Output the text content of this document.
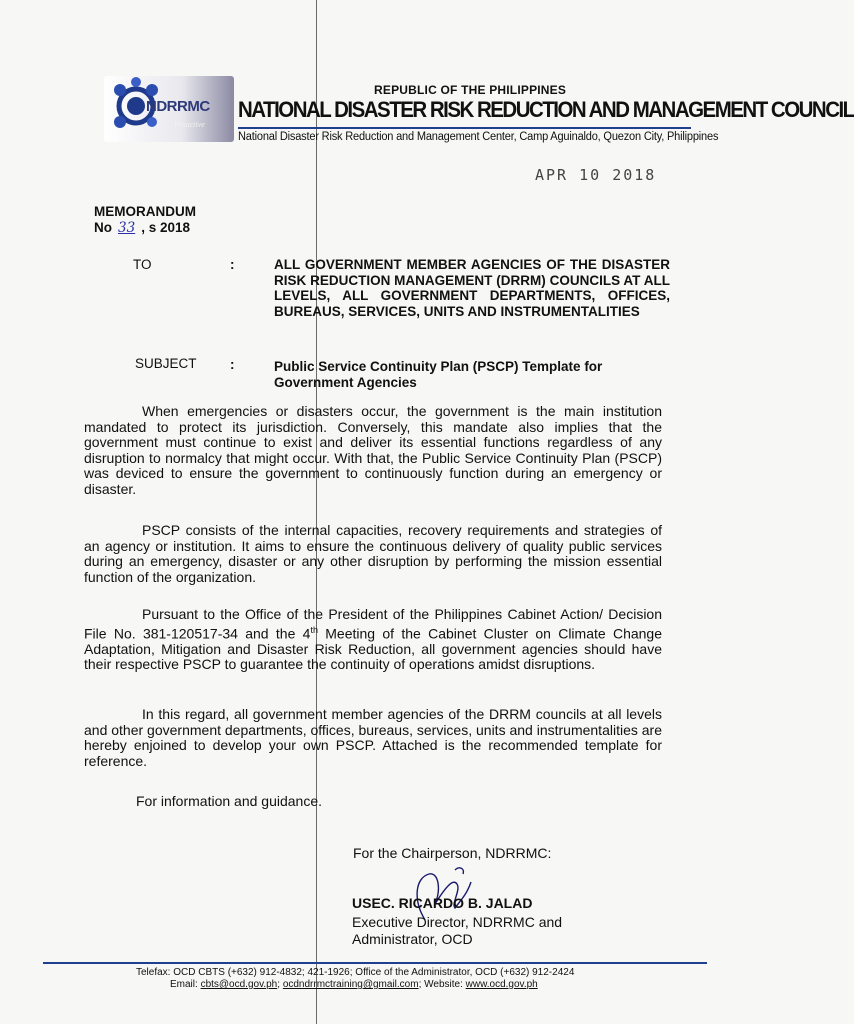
NDRRMC
Proactive
REPUBLIC OF THE PHILIPPINES
NATIONAL DISASTER RISK REDUCTION AND MANAGEMENT COUNCIL
National Disaster Risk Reduction and Management Center, Camp Aguinaldo, Quezon City, Philippines
APR 10 2018
MEMORANDUM
No 33 , s 2018
TO	:	ALL GOVERNMENT MEMBER AGENCIES OF THE DISASTER RISK REDUCTION MANAGEMENT (DRRM) COUNCILS AT ALL LEVELS, ALL GOVERNMENT DEPARTMENTS, OFFICES, BUREAUS, SERVICES, UNITS AND INSTRUMENTALITIES
SUBJECT :	Public Service Continuity Plan (PSCP) Template for Government Agencies
When emergencies or disasters occur, the government is the main institution mandated to protect its jurisdiction. Conversely, this mandate also implies that the government must continue to exist and deliver its essential functions regardless of any disruption to normalcy that might occur. With that, the Public Service Continuity Plan (PSCP) was deviced to ensure the government to continuously function during an emergency or disaster.
PSCP consists of the internal capacities, recovery requirements and strategies of an agency or institution. It aims to ensure the continuous delivery of quality public services during an emergency, disaster or any other disruption by performing the mission essential function of the organization.
Pursuant to the Office of the President of the Philippines Cabinet Action/ Decision File No. 381-120517-34 and the 4th Meeting of the Cabinet Cluster on Climate Change Adaptation, Mitigation and Disaster Risk Reduction, all government agencies should have their respective PSCP to guarantee the continuity of operations amidst disruptions.
In this regard, all government member agencies of the DRRM councils at all levels and other government departments, offices, bureaus, services, units and instrumentalities are hereby enjoined to develop your own PSCP. Attached is the recommended template for reference.
For information and guidance.
For the Chairperson, NDRRMC:
USEC. RICARDO B. JALAD
Executive Director, NDRRMC and
Administrator, OCD
Telefax: OCD CBTS (+632) 912-4832; 421-1926; Office of the Administrator, OCD (+632) 912-2424
Email: cbts@ocd.gov.ph; ocdndrrmctraining@gmail.com; Website: www.ocd.gov.ph
